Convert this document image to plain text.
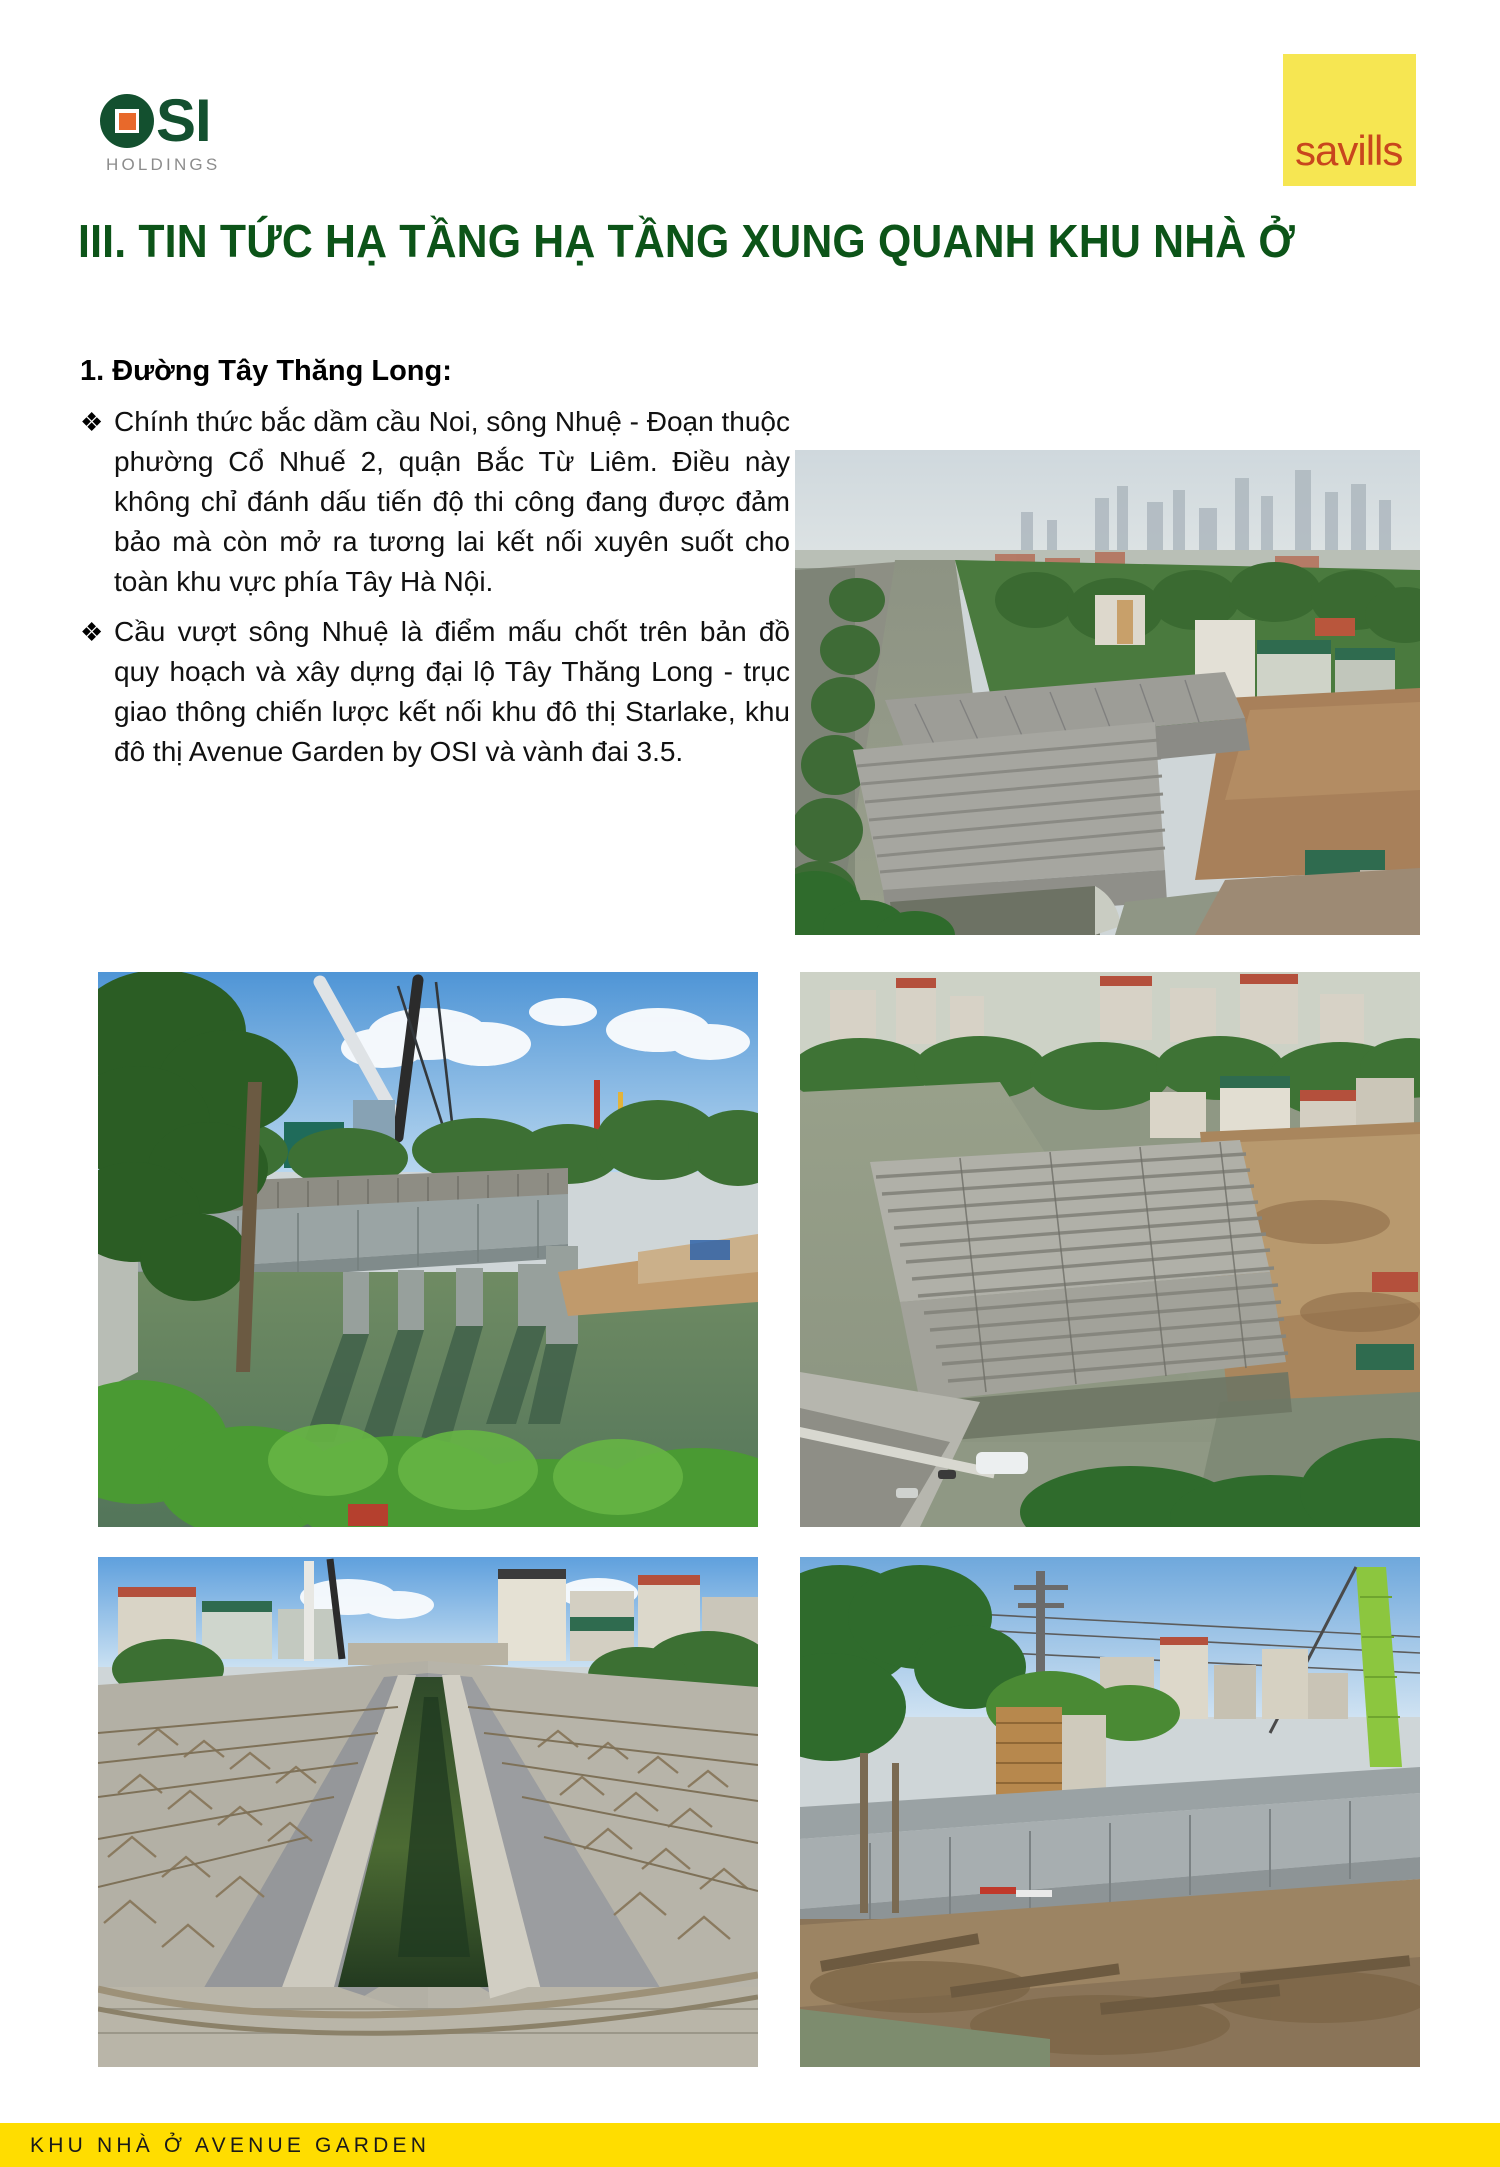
SI
HOLDINGS	savills
III. TIN TỨC HẠ TẦNG HẠ TẦNG XUNG QUANH KHU NHÀ Ở
1. Đường Tây Thăng Long:
❖ Chính thức bắc dầm cầu Noi, sông Nhuệ - Đoạn thuộc phường Cổ Nhuế 2, quận Bắc Từ Liêm. Điều này không chỉ đánh dấu tiến độ thi công đang được đảm bảo mà còn mở ra tương lai kết nối xuyên suốt cho toàn khu vực phía Tây Hà Nội.
❖ Cầu vượt sông Nhuệ là điểm mấu chốt trên bản đồ quy hoạch và xây dựng đại lộ Tây Thăng Long - trục giao thông chiến lược kết nối khu đô thị Starlake, khu đô thị Avenue Garden by OSI và vành đai 3.5.
KHU NHÀ Ở AVENUE GARDEN
